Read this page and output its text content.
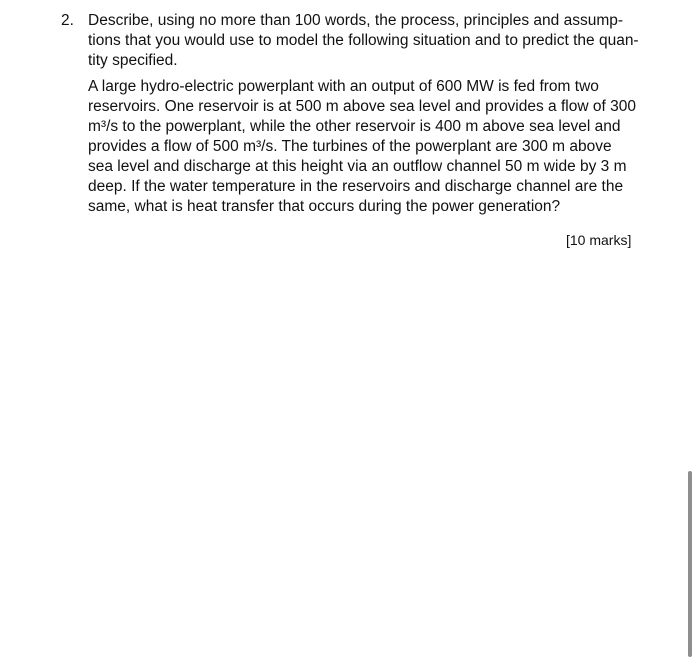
2. Describe, using no more than 100 words, the process, principles and assump-
tions that you would use to model the following situation and to predict the quan-
tity specified.
A large hydro-electric powerplant with an output of 600 MW is fed from two
reservoirs. One reservoir is at 500 m above sea level and provides a flow of 300
m³/s to the powerplant, while the other reservoir is 400 m above sea level and
provides a flow of 500 m³/s. The turbines of the powerplant are 300 m above
sea level and discharge at this height via an outflow channel 50 m wide by 3 m
deep. If the water temperature in the reservoirs and discharge channel are the
same, what is heat transfer that occurs during the power generation?
[10 marks]
